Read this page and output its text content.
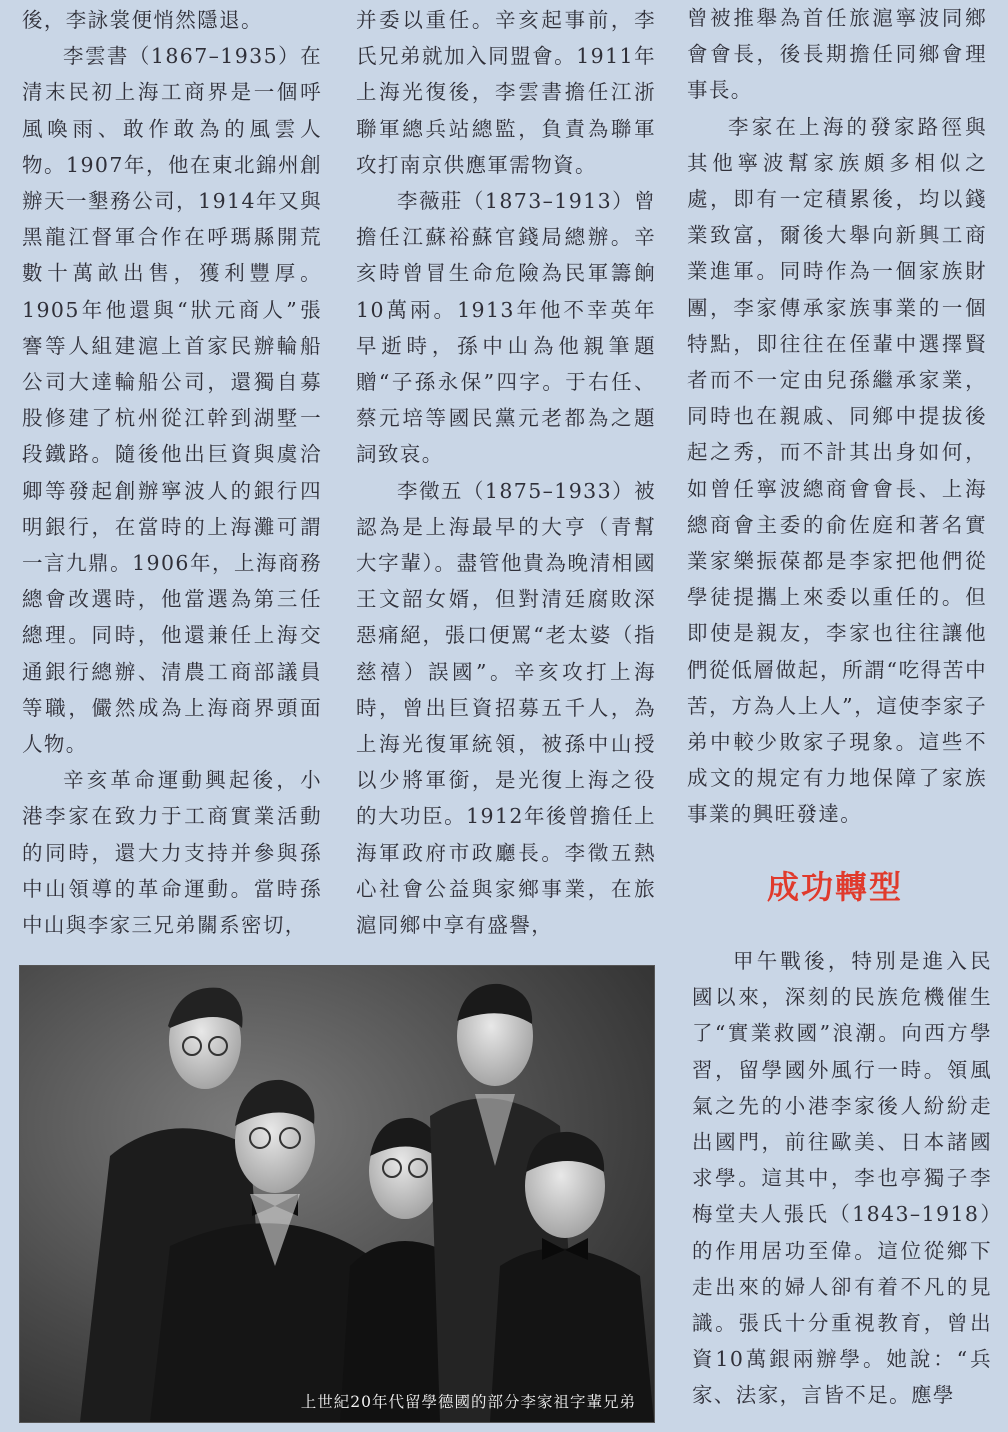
後，李詠裳便悄然隱退。

李雲書（1867–1935）在清末民初上海工商界是一個呼風喚雨、敢作敢為的風雲人物。1907年，他在東北錦州創辦天一墾務公司，1914年又與黑龍江督軍合作在呼瑪縣開荒數十萬畝出售，獲利豐厚。1905年他還與“狀元商人”張謇等人組建滬上首家民辦輪船公司大達輪船公司，還獨自募股修建了杭州從江幹到湖墅一段鐵路。隨後他出巨資與虞洽卿等發起創辦寧波人的銀行四明銀行，在當時的上海灘可謂一言九鼎。1906年，上海商務總會改選時，他當選為第三任總理。同時，他還兼任上海交通銀行總辦、清農工商部議員等職，儼然成為上海商界頭面人物。

辛亥革命運動興起後，小港李家在致力于工商實業活動的同時，還大力支持并參與孫中山領導的革命運動。當時孫中山與李家三兄弟關系密切，

并委以重任。辛亥起事前，李氏兄弟就加入同盟會。1911年上海光復後，李雲書擔任江浙聯軍總兵站總監，負責為聯軍攻打南京供應軍需物資。

李薇莊（1873–1913）曾擔任江蘇裕蘇官錢局總辦。辛亥時曾冒生命危險為民軍籌餉10萬兩。1913年他不幸英年早逝時，孫中山為他親筆題贈“子孫永保”四字。于右任、蔡元培等國民黨元老都為之題詞致哀。

李徵五（1875–1933）被認為是上海最早的大亨（青幫大字輩）。盡管他貴為晚清相國王文韶女婿，但對清廷腐敗深惡痛絕，張口便罵“老太婆（指慈禧）誤國”。辛亥攻打上海時，曾出巨資招募五千人，為上海光復軍統領，被孫中山授以少將軍銜，是光復上海之役的大功臣。1912年後曾擔任上海軍政府市政廳長。李徵五熱心社會公益與家鄉事業，在旅滬同鄉中享有盛譽，

曾被推舉為首任旅滬寧波同鄉會會長，後長期擔任同鄉會理事長。

李家在上海的發家路徑與其他寧波幫家族頗多相似之處，即有一定積累後，均以錢業致富，爾後大舉向新興工商業進軍。同時作為一個家族財團，李家傳承家族事業的一個特點，即往往在侄輩中選擇賢者而不一定由兒孫繼承家業，同時也在親戚、同鄉中提拔後起之秀，而不計其出身如何，如曾任寧波總商會會長、上海總商會主委的俞佐庭和著名實業家樂振葆都是李家把他們從學徒提攜上來委以重任的。但即使是親友，李家也往往讓他們從低層做起，所謂“吃得苦中苦，方為人上人”，這使李家子弟中較少敗家子現象。這些不成文的規定有力地保障了家族事業的興旺發達。

成功轉型

甲午戰後，特別是進入民國以來，深刻的民族危機催生了“實業救國”浪潮。向西方學習，留學國外風行一時。領風氣之先的小港李家後人紛紛走出國門，前往歐美、日本諸國求學。這其中，李也亭獨子李梅堂夫人張氏（1843–1918）的作用居功至偉。這位從鄉下走出來的婦人卻有着不凡的見識。張氏十分重視教育，曾出資10萬銀兩辦學。她說：“兵家、法家，言皆不足。應學

上世紀20年代留學德國的部分李家祖字輩兄弟
